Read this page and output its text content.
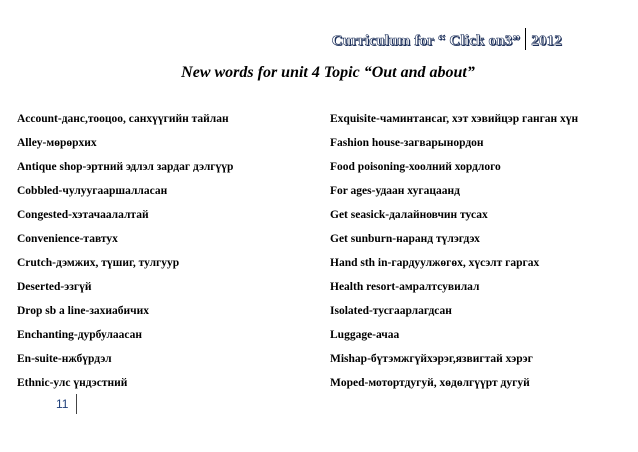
Curriculum for “ Click on3” 2012
New words for unit 4 Topic “Out and about”
Account-данс,тооцоо, санхүүгийн тайлан	Exquisite-чаминтансаг, хэт хэвийцэр ганган хүн
Alley-мөрөрхих	Fashion house-загварынордон
Antique shop-эртний эдлэл зардаг дэлгүүр	Food poisoning-хоолний хордлого
Cobbled-чулуугааршалласан	For ages-удаан хугацаанд
Congested-хэтачаалалтай	Get seasick-далайновчин тусах
Convenience-тавтух	Get sunburn-наранд түлэгдэх
Crutch-дэмжих, түшиг, тулгуур	Hand sth in-гардуулжөгөх, хүсэлт гаргах
Deserted-эзгүй	Health resort-амралтсувилал
Drop sb a line-захиабичих	Isolated-тусгаарлагдсан
Enchanting-дурбулаасан	Luggage-ачаа
En-suite-нжбүрдэл	Mishap-бүтэмжгүйхэрэг,язвигтай хэрэг
Ethnic-улс үндэстний	Moped-мотортдугуй, хөдөлгүүрт дугуй
11
